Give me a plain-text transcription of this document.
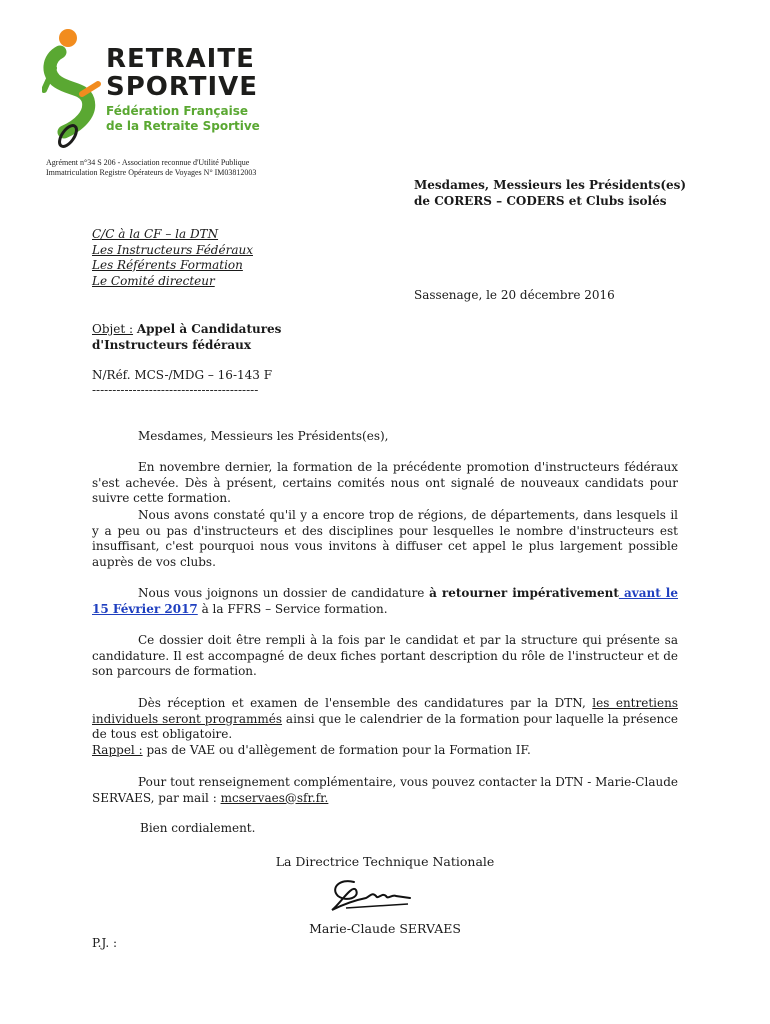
RETRAITE
SPORTIVE
Fédération Française
de la Retraite Sportive
Agrément n°34 S 206 - Association reconnue d'Utilité Publique
Immatriculation Registre Opérateurs de Voyages N° IM03812003
Mesdames, Messieurs les Présidents(es)
de CORERS – CODERS et Clubs isolés
C/C à la CF – la DTN
Les Instructeurs Fédéraux
Les Référents Formation
Le Comité directeur
Sassenage, le 20 décembre 2016
Objet : Appel à Candidatures
d'Instructeurs fédéraux
N/Réf. MCS-/MDG – 16-143 F
-----------------------------------------
Mesdames, Messieurs les Présidents(es),
En novembre dernier, la formation de la précédente promotion d'instructeurs fédéraux s'est achevée. Dès à présent, certains comités nous ont signalé de nouveaux candidats pour suivre cette formation.
Nous avons constaté qu'il y a encore trop de régions, de départements, dans lesquels il y a peu ou pas d'instructeurs et des disciplines pour lesquelles le nombre d'instructeurs est insuffisant, c'est pourquoi nous vous invitons à diffuser cet appel le plus largement possible auprès de vos clubs.
Nous vous joignons un dossier de candidature à retourner impérativement avant le 15 Février 2017 à la FFRS – Service formation.
Ce dossier doit être rempli à la fois par le candidat et par la structure qui présente sa candidature. Il est accompagné de deux fiches portant description du rôle de l'instructeur et de son parcours de formation.
Dès réception et examen de l'ensemble des candidatures par la DTN, les entretiens individuels seront programmés ainsi que le calendrier de la formation pour laquelle la présence de tous est obligatoire.
Rappel : pas de VAE ou d'allègement de formation pour la Formation IF.
Pour tout renseignement complémentaire, vous pouvez contacter la DTN - Marie-Claude SERVAES, par mail : mcservaes@sfr.fr.
Bien cordialement.
La Directrice Technique Nationale
Marie-Claude SERVAES
P.J. :
